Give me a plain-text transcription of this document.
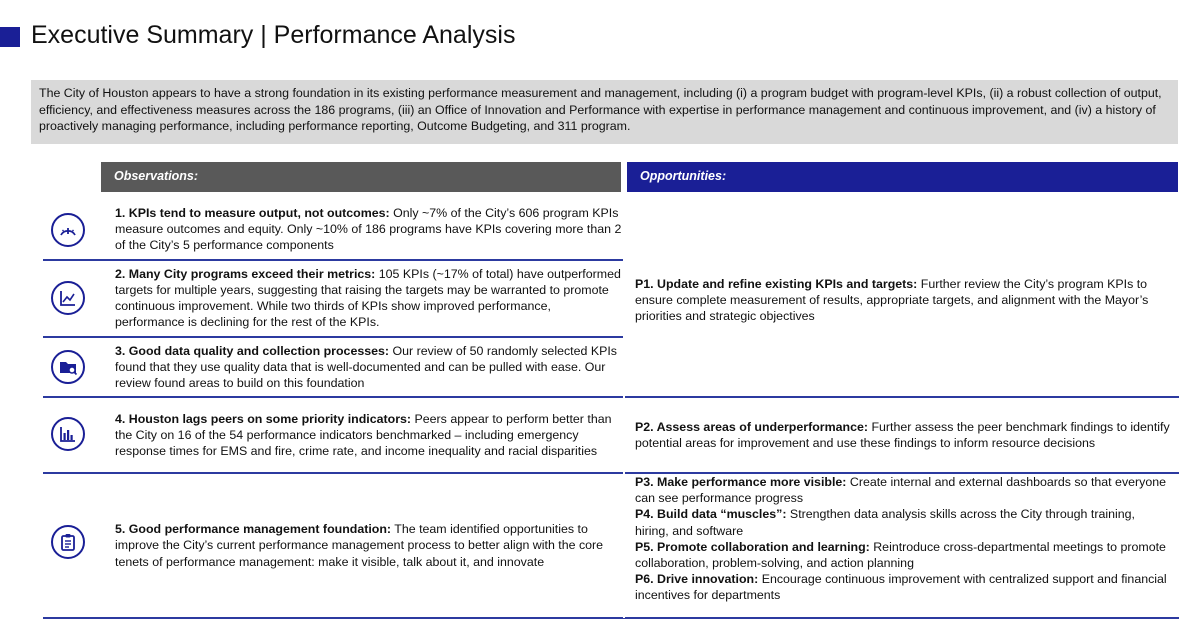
Executive Summary | Performance Analysis
The City of Houston appears to have a strong foundation in its existing performance measurement and management, including (i) a program budget with program-level KPIs, (ii) a robust collection of output, efficiency, and effectiveness measures across the 186 programs, (iii) an Office of Innovation and Performance with expertise in performance management and continuous improvement, and (iv) a history of proactively managing performance, including performance reporting, Outcome Budgeting, and 311 program.
Observations:	Opportunities:
1. KPIs tend to measure output, not outcomes: Only ~7% of the City’s 606 program KPIs measure outcomes and equity. Only ~10% of 186 programs have KPIs covering more than 2 of the City’s 5 performance components
2. Many City programs exceed their metrics: 105 KPIs (~17% of total) have outperformed targets for multiple years, suggesting that raising the targets may be warranted to promote continuous improvement. While two thirds of KPIs show improved performance, performance is declining for the rest of the KPIs.
3. Good data quality and collection processes: Our review of 50 randomly selected KPIs found that they use quality data that is well-documented and can be pulled with ease. Our review found areas to build on this foundation
4. Houston lags peers on some priority indicators: Peers appear to perform better than the City on 16 of the 54 performance indicators benchmarked – including emergency response times for EMS and fire, crime rate, and income inequality and racial disparities
5. Good performance management foundation: The team identified opportunities to improve the City’s current performance management process to better align with the core tenets of performance management: make it visible, talk about it, and innovate
P1. Update and refine existing KPIs and targets: Further review the City’s program KPIs to ensure complete measurement of results, appropriate targets, and alignment with the Mayor’s priorities and strategic objectives
P2. Assess areas of underperformance: Further assess the peer benchmark findings to identify potential areas for improvement and use these findings to inform resource decisions
P3. Make performance more visible: Create internal and external dashboards so that everyone can see performance progress
P4. Build data “muscles”: Strengthen data analysis skills across the City through training, hiring, and software
P5. Promote collaboration and learning: Reintroduce cross-departmental meetings to promote collaboration, problem-solving, and action planning
P6. Drive innovation: Encourage continuous improvement with centralized support and financial incentives for departments
